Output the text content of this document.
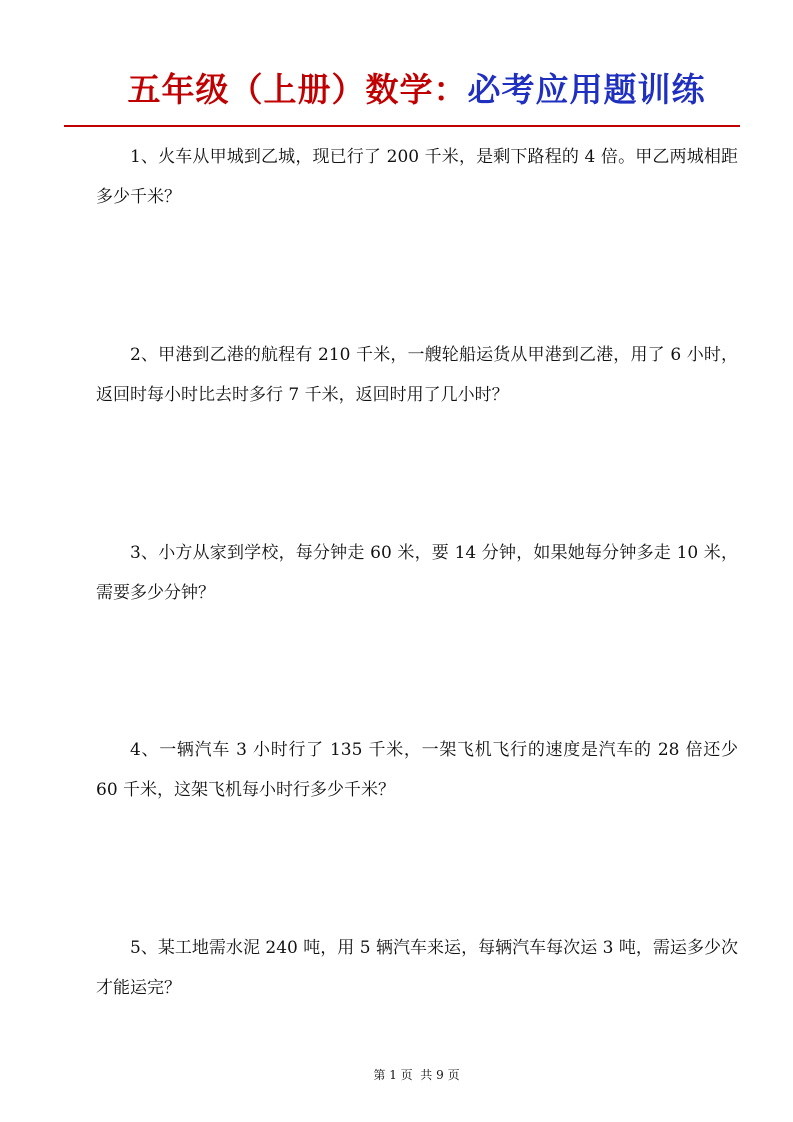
五年级（上册）数学：必考应用题训练
1、火车从甲城到乙城，现已行了 200 千米，是剩下路程的 4 倍。甲乙两城相距多少千米？
2、甲港到乙港的航程有 210 千米，一艘轮船运货从甲港到乙港，用了 6 小时，返回时每小时比去时多行 7 千米，返回时用了几小时？
3、小方从家到学校，每分钟走 60 米，要 14 分钟，如果她每分钟多走 10 米，需要多少分钟？
4、一辆汽车 3 小时行了 135 千米，一架飞机飞行的速度是汽车的 28 倍还少 60 千米，这架飞机每小时行多少千米？
5、某工地需水泥 240 吨，用 5 辆汽车来运，每辆汽车每次运 3 吨，需运多少次才能运完？
第 1 页  共 9 页
